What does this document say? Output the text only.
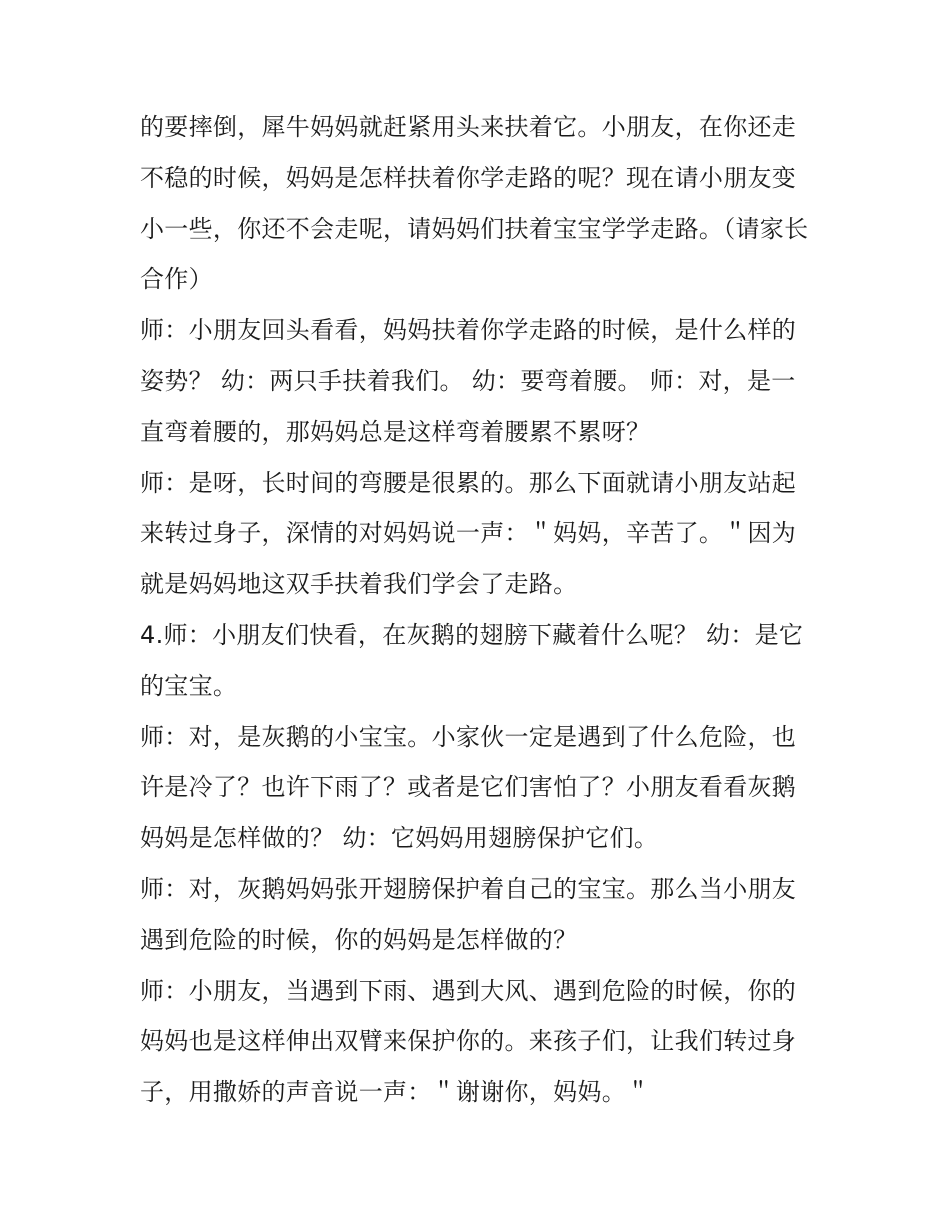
的要摔倒，犀牛妈妈就赶紧用头来扶着它。小朋友，在你还走不稳的时候，妈妈是怎样扶着你学走路的呢？现在请小朋友变小一些，你还不会走呢，请妈妈们扶着宝宝学学走路。（请家长合作）

师：小朋友回头看看，妈妈扶着你学走路的时候，是什么样的姿势？ 幼：两只手扶着我们。 幼：要弯着腰。 师：对，是一直弯着腰的，那妈妈总是这样弯着腰累不累呀？

师：是呀，长时间的弯腰是很累的。那么下面就请小朋友站起来转过身子，深情的对妈妈说一声：＂妈妈，辛苦了。＂因为就是妈妈地这双手扶着我们学会了走路。

4.师：小朋友们快看，在灰鹅的翅膀下藏着什么呢？ 幼：是它的宝宝。

师：对，是灰鹅的小宝宝。小家伙一定是遇到了什么危险，也许是冷了？也许下雨了？或者是它们害怕了？小朋友看看灰鹅妈妈是怎样做的？ 幼：它妈妈用翅膀保护它们。

师：对，灰鹅妈妈张开翅膀保护着自己的宝宝。那么当小朋友遇到危险的时候，你的妈妈是怎样做的？

师：小朋友，当遇到下雨、遇到大风、遇到危险的时候，你的妈妈也是这样伸出双臂来保护你的。来孩子们，让我们转过身子，用撒娇的声音说一声：＂谢谢你，妈妈。＂
